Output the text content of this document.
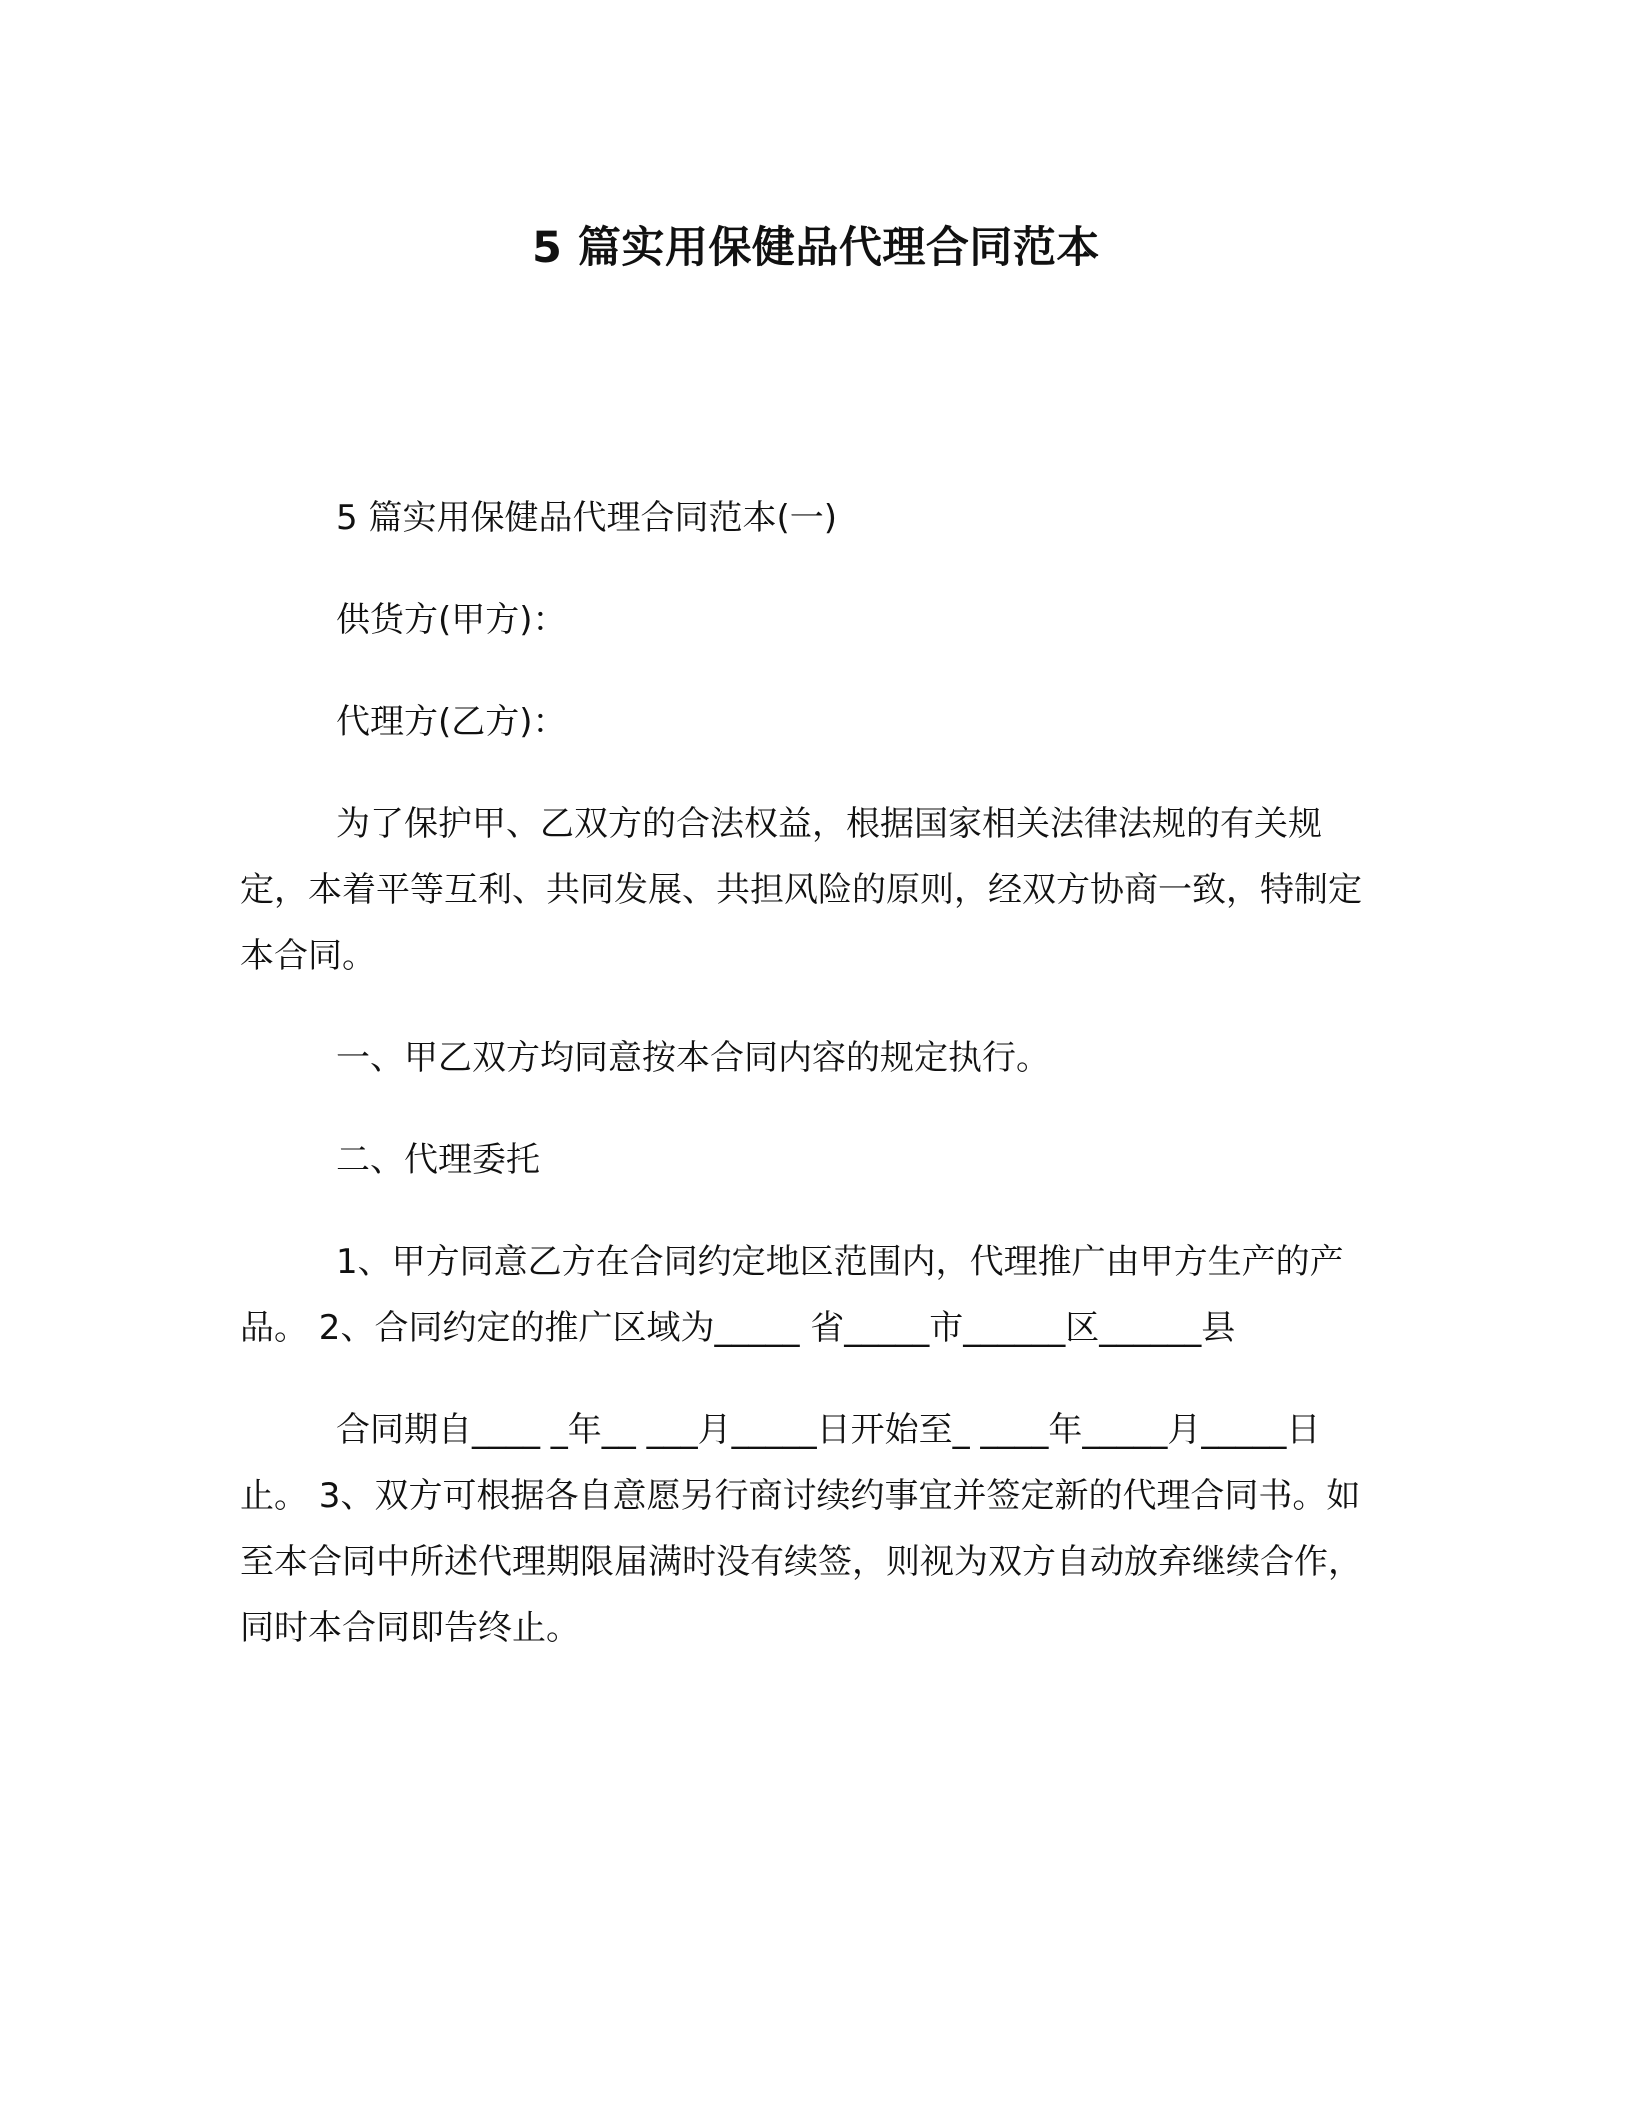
5 篇实用保健品代理合同范本

5 篇实用保健品代理合同范本(一)

供货方(甲方)：

代理方(乙方)：

为了保护甲、乙双方的合法权益，根据国家相关法律法规的有关规定，本着平等互利、共同发展、共担风险的原则，经双方协商一致，特制定本合同。

一、甲乙双方均同意按本合同内容的规定执行。

二、代理委托

1、甲方同意乙方在合同约定地区范围内，代理推广由甲方生产的产品。 2、合同约定的推广区域为_____ 省_____市______区______县

合同期自____ _年__ ___月_____日开始至_ ____年_____月_____日止。 3、双方可根据各自意愿另行商讨续约事宜并签定新的代理合同书。如至本合同中所述代理期限届满时没有续签，则视为双方自动放弃继续合作，同时本合同即告终止。
